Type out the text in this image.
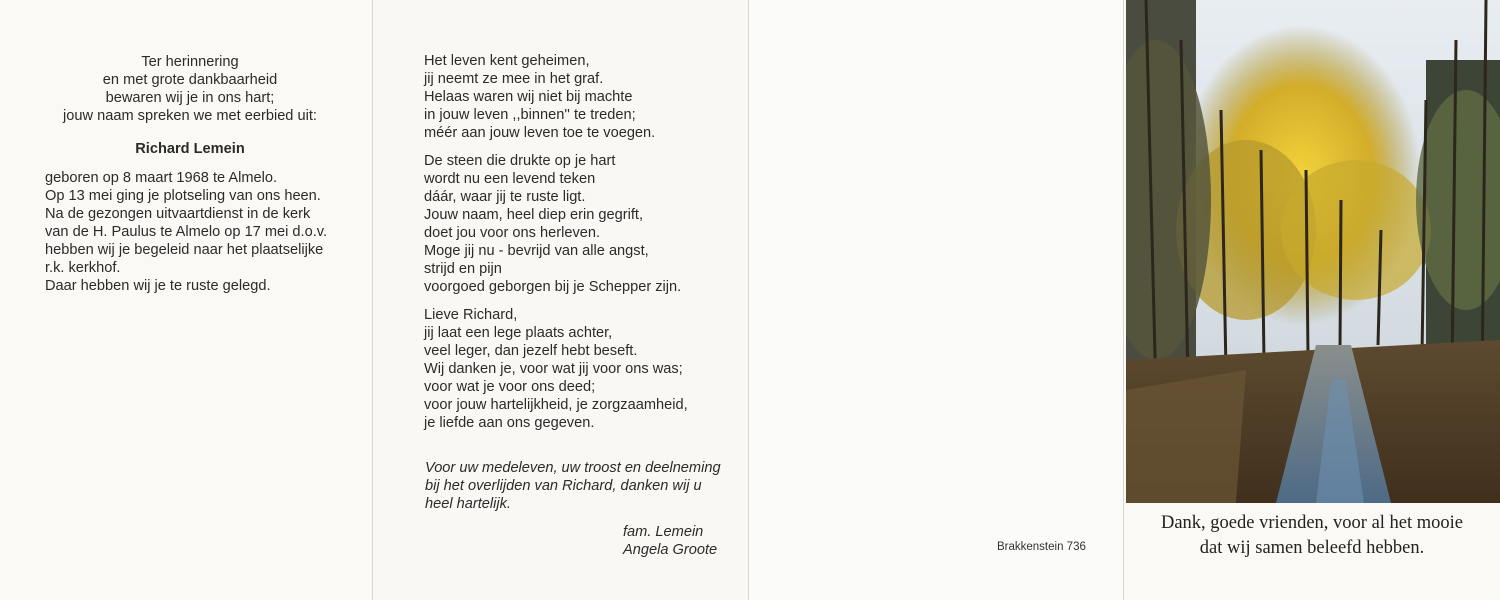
Ter herinnering

en met grote dankbaarheid

bewaren wij je in ons hart;

jouw naam spreken we met eerbied uit:

Richard Lemein

geboren op 8 maart 1968 te Almelo.

Op 13 mei ging je plotseling van ons heen.

Na de gezongen uitvaartdienst in de kerk

van de H. Paulus te Almelo op 17 mei d.o.v.

hebben wij je begeleid naar het plaatselijke

r.k. kerkhof.

Daar hebben wij je te ruste gelegd.

Het leven kent geheimen,

jij neemt ze mee in het graf.

Helaas waren wij niet bij machte

in jouw leven ,,binnen'' te treden;

méér aan jouw leven toe te voegen.

De steen die drukte op je hart

wordt nu een levend teken

dáár, waar jij te ruste ligt.

Jouw naam, heel diep erin gegrift,

doet jou voor ons herleven.

Moge jij nu - bevrijd van alle angst,

strijd en pijn

voorgoed geborgen bij je Schepper zijn.

Lieve Richard,

jij laat een lege plaats achter,

veel leger, dan jezelf hebt beseft.

Wij danken je, voor wat jij voor ons was;

voor wat je voor ons deed;

voor jouw hartelijkheid, je zorgzaamheid,

je liefde aan ons gegeven.

Voor uw medeleven, uw troost en deelneming

bij het overlijden van Richard, danken wij u

heel hartelijk.

fam. Lemein

Angela Groote	Brakkenstein 736
Dank, goede vrienden, voor al het mooie
dat wij samen beleefd hebben.
